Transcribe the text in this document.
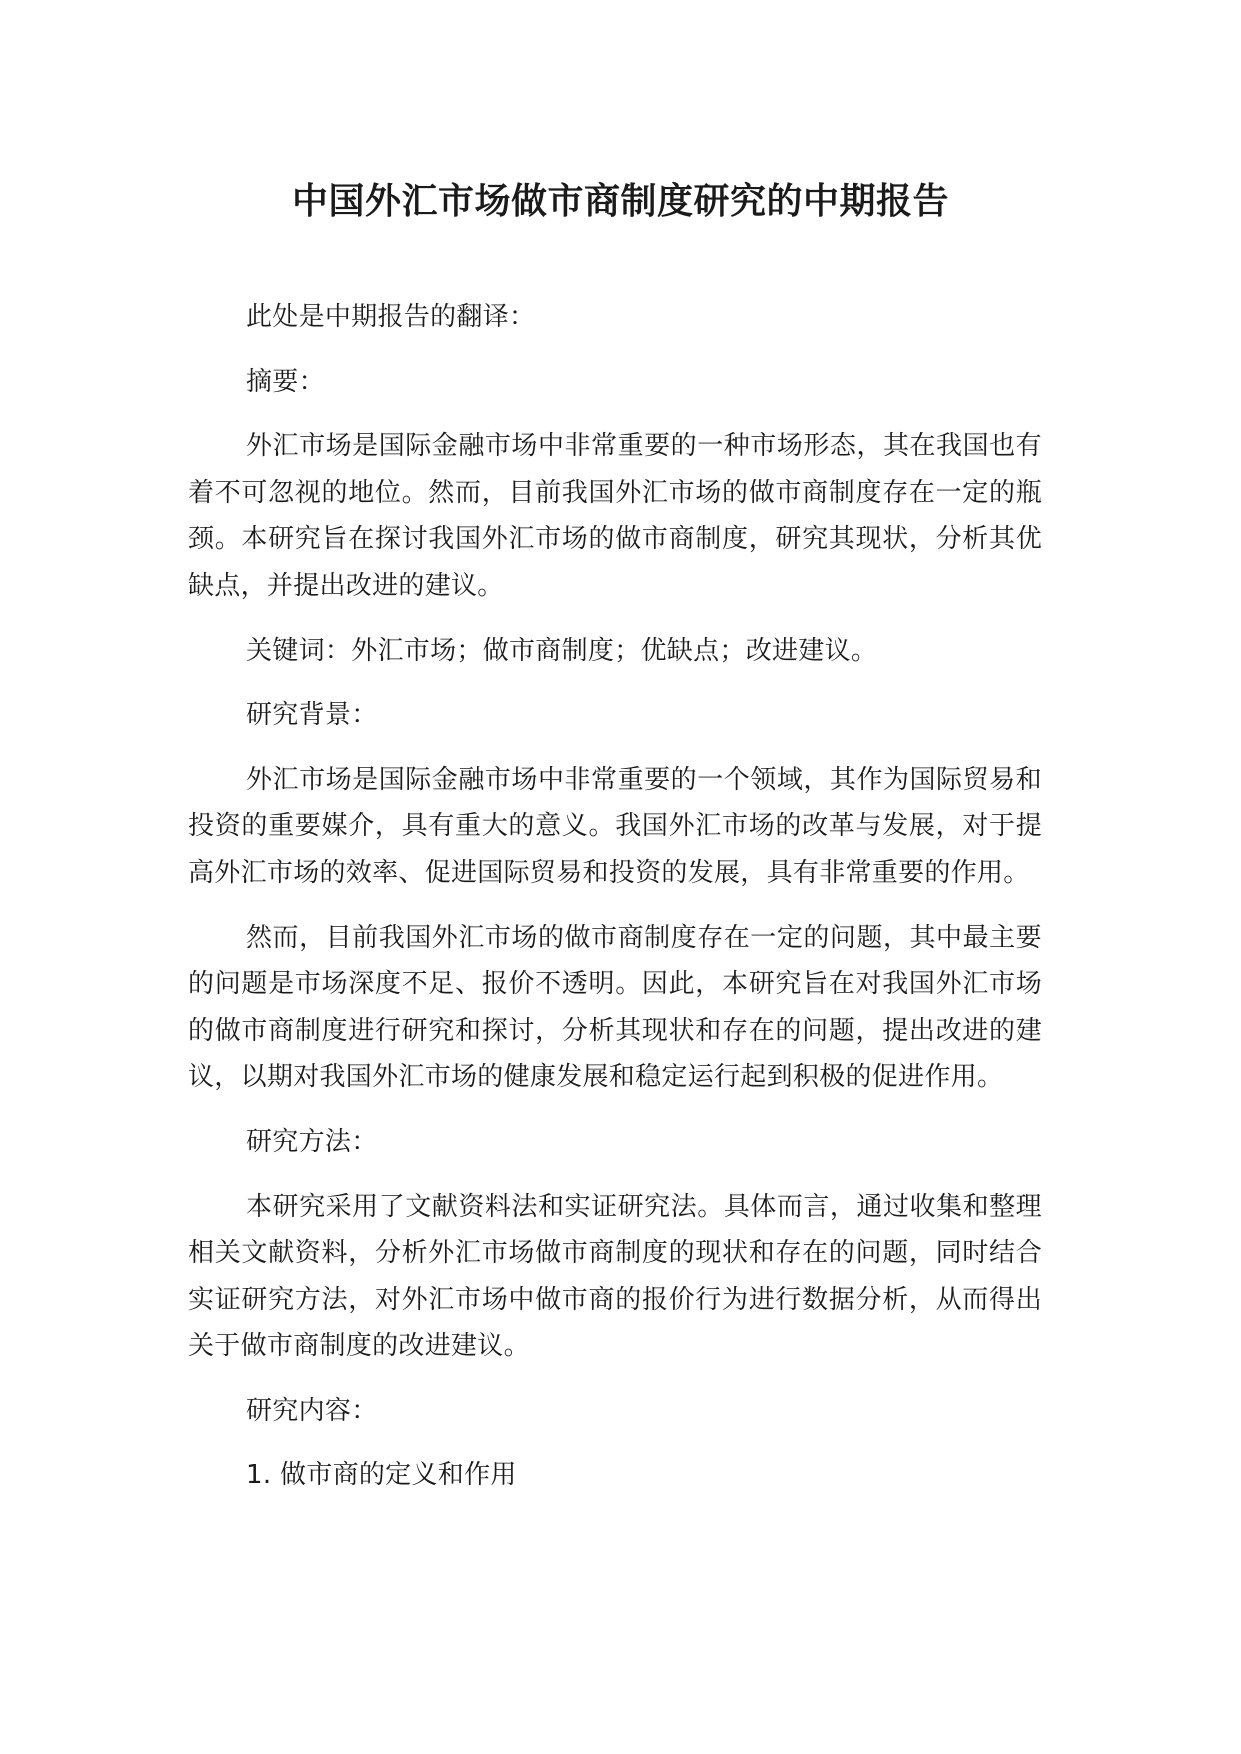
中国外汇市场做市商制度研究的中期报告

此处是中期报告的翻译：

摘要：

外汇市场是国际金融市场中非常重要的一种市场形态，其在我国也有着不可忽视的地位。然而，目前我国外汇市场的做市商制度存在一定的瓶颈。本研究旨在探讨我国外汇市场的做市商制度，研究其现状，分析其优缺点，并提出改进的建议。

关键词：外汇市场；做市商制度；优缺点；改进建议。

研究背景：

外汇市场是国际金融市场中非常重要的一个领域，其作为国际贸易和投资的重要媒介，具有重大的意义。我国外汇市场的改革与发展，对于提高外汇市场的效率、促进国际贸易和投资的发展，具有非常重要的作用。

然而，目前我国外汇市场的做市商制度存在一定的问题，其中最主要的问题是市场深度不足、报价不透明。因此，本研究旨在对我国外汇市场的做市商制度进行研究和探讨，分析其现状和存在的问题，提出改进的建议，以期对我国外汇市场的健康发展和稳定运行起到积极的促进作用。

研究方法：

本研究采用了文献资料法和实证研究法。具体而言，通过收集和整理相关文献资料，分析外汇市场做市商制度的现状和存在的问题，同时结合实证研究方法，对外汇市场中做市商的报价行为进行数据分析，从而得出关于做市商制度的改进建议。

研究内容：

1. 做市商的定义和作用
